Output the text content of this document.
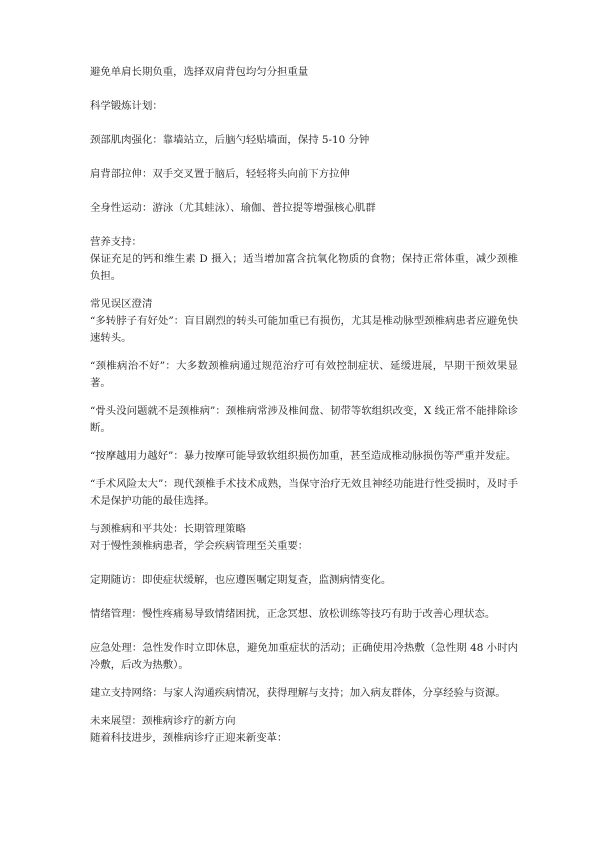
避免单肩长期负重，选择双肩背包均匀分担重量

科学锻炼计划：

颈部肌肉强化：靠墙站立，后脑勺轻贴墙面，保持 5-10 分钟

肩背部拉伸：双手交叉置于脑后，轻轻将头向前下方拉伸

全身性运动：游泳（尤其蛙泳）、瑜伽、普拉提等增强核心肌群

营养支持：
保证充足的钙和维生素 D 摄入；适当增加富含抗氧化物质的食物；保持正常体重，减少颈椎负担。

常见误区澄清

“多转脖子有好处”：盲目剧烈的转头可能加重已有损伤，尤其是椎动脉型颈椎病患者应避免快速转头。

“颈椎病治不好”：大多数颈椎病通过规范治疗可有效控制症状、延缓进展，早期干预效果显著。

“骨头没问题就不是颈椎病”：颈椎病常涉及椎间盘、韧带等软组织改变，X 线正常不能排除诊断。

“按摩越用力越好”：暴力按摩可能导致软组织损伤加重，甚至造成椎动脉损伤等严重并发症。

“手术风险太大”：现代颈椎手术技术成熟，当保守治疗无效且神经功能进行性受损时，及时手术是保护功能的最佳选择。

与颈椎病和平共处：长期管理策略
对于慢性颈椎病患者，学会疾病管理至关重要：

定期随访：即使症状缓解，也应遵医嘱定期复查，监测病情变化。

情绪管理：慢性疼痛易导致情绪困扰，正念冥想、放松训练等技巧有助于改善心理状态。

应急处理：急性发作时立即休息，避免加重症状的活动；正确使用冷热敷（急性期 48 小时内冷敷，后改为热敷）。

建立支持网络：与家人沟通疾病情况，获得理解与支持；加入病友群体，分享经验与资源。

未来展望：颈椎病诊疗的新方向
随着科技进步，颈椎病诊疗正迎来新变革：
